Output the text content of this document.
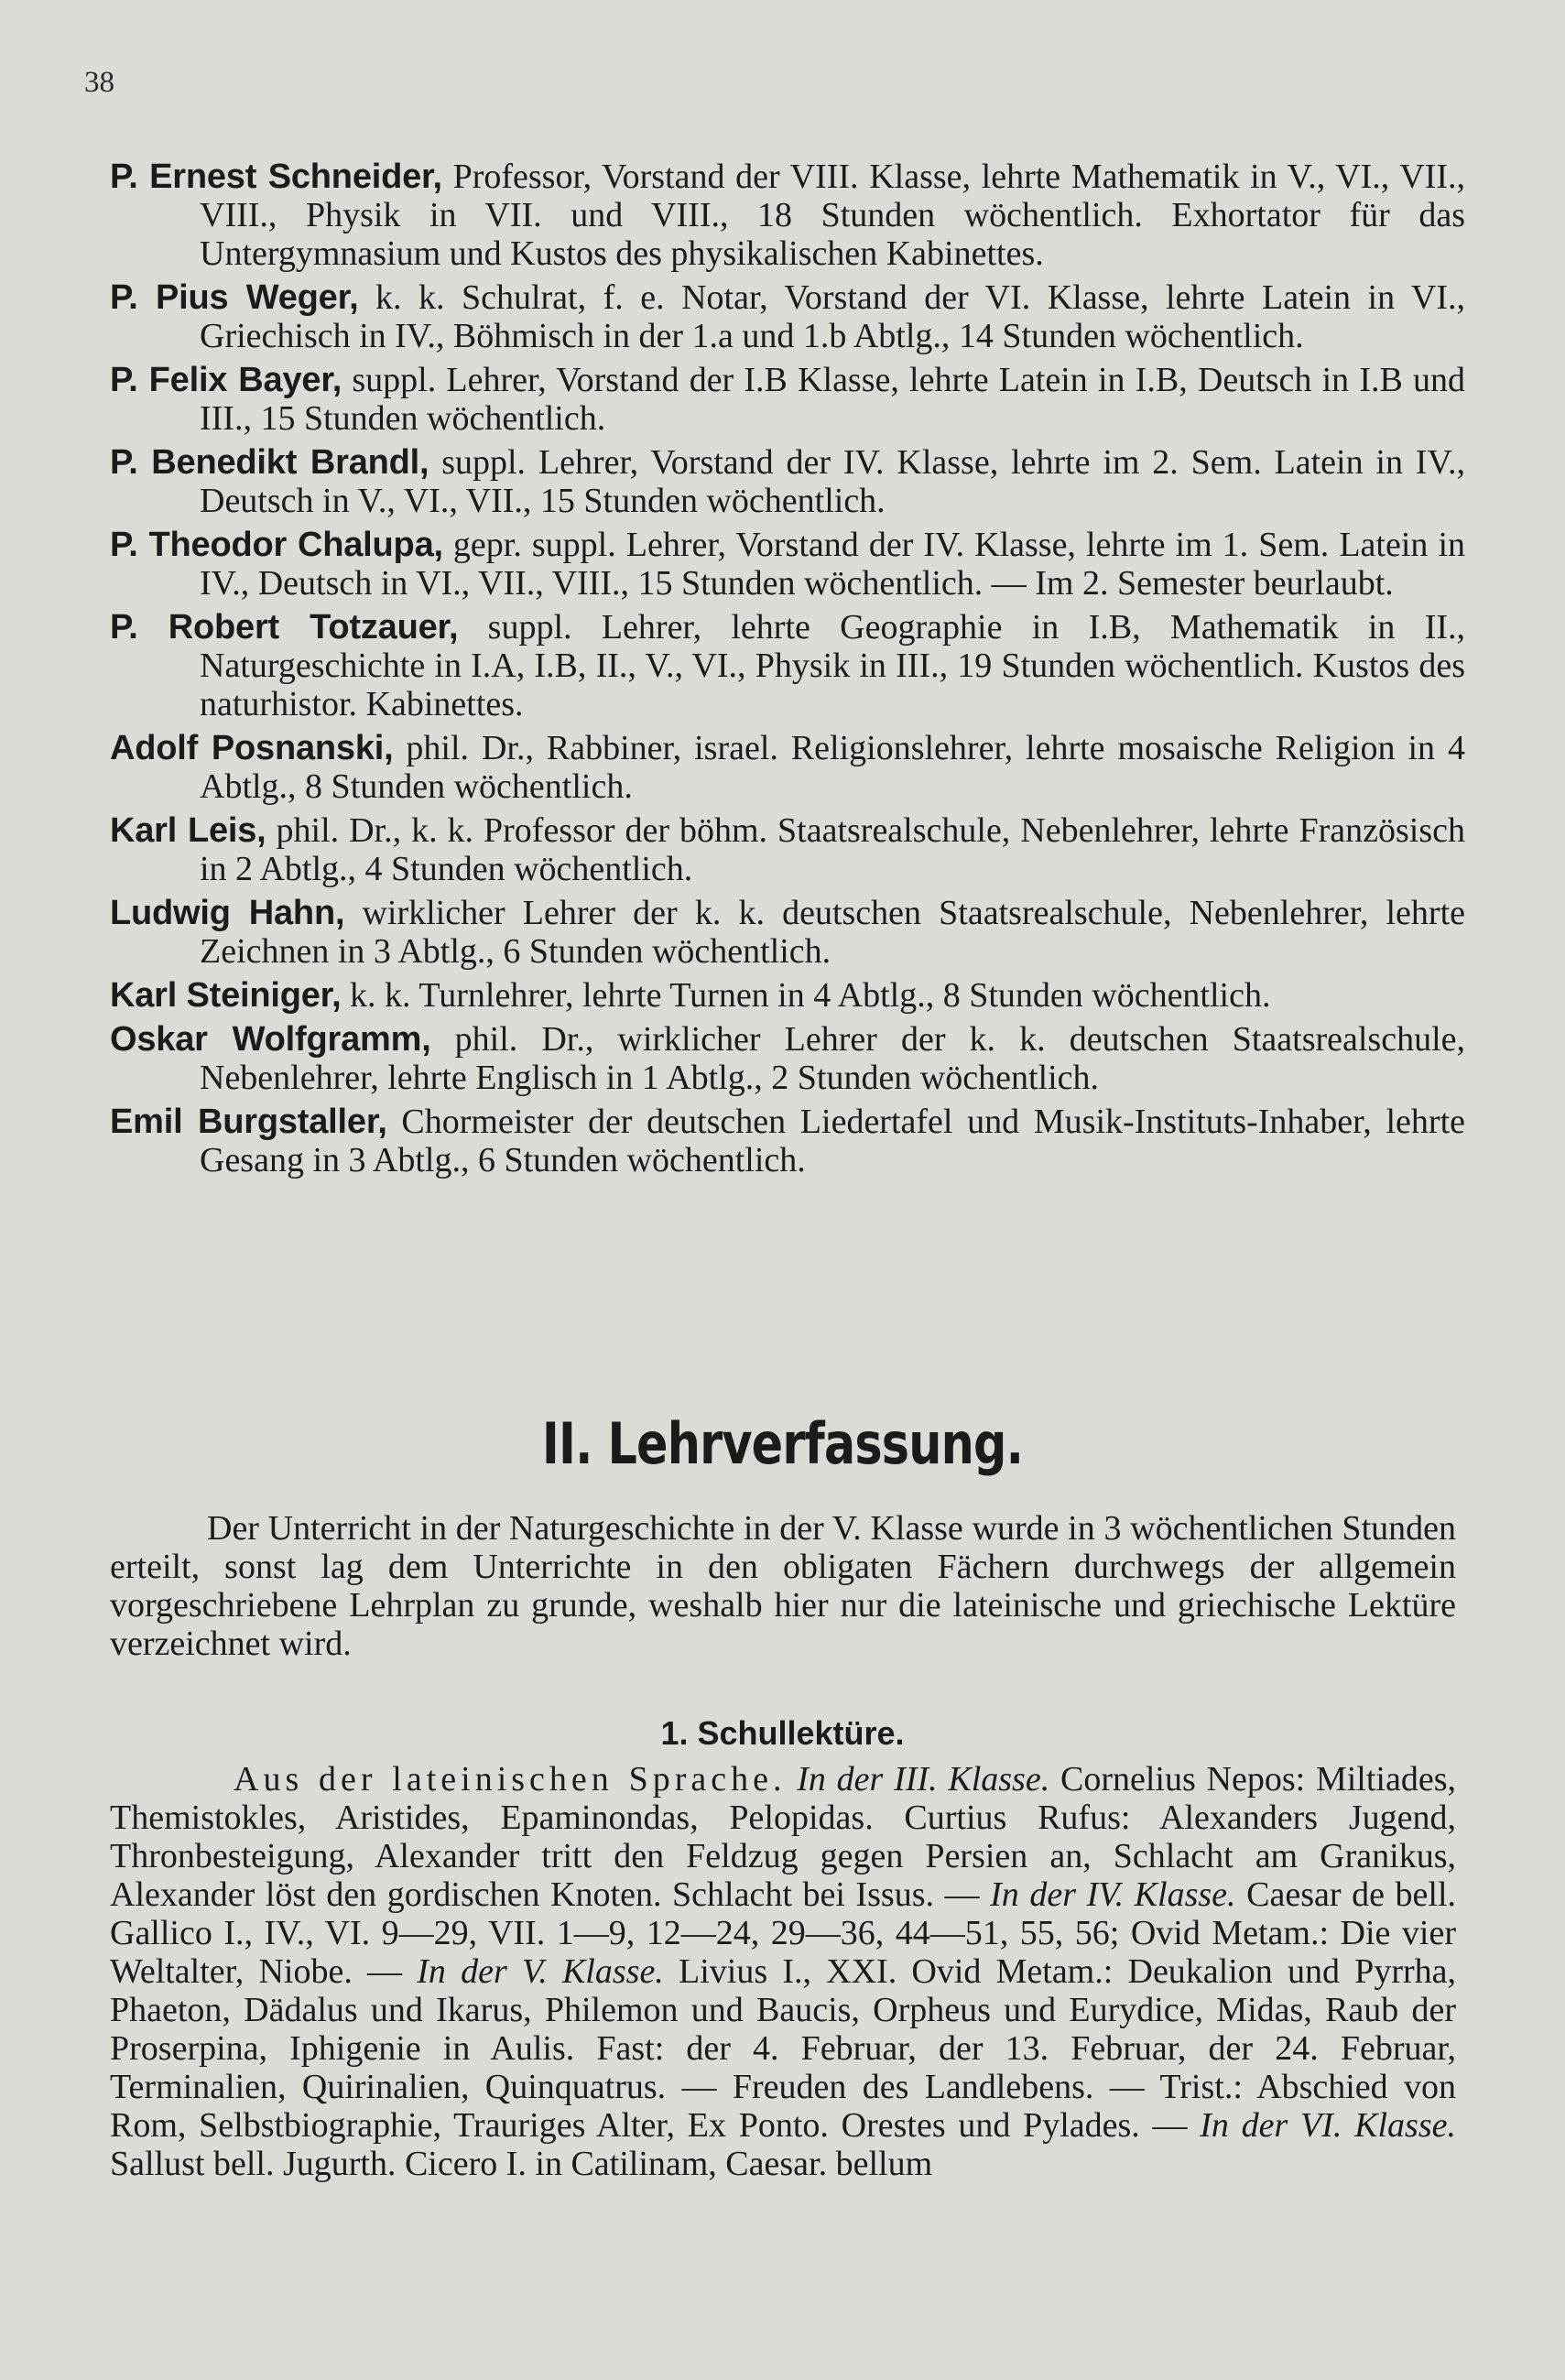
38

P. Ernest Schneider, Professor, Vorstand der VIII. Klasse, lehrte Mathematik in V., VI., VII., VIII., Physik in VII. und VIII., 18 Stunden wöchentlich. Exhortator für das Untergymnasium und Kustos des physikalischen Kabinettes.

P. Pius Weger, k. k. Schulrat, f. e. Notar, Vorstand der VI. Klasse, lehrte Latein in VI., Griechisch in IV., Böhmisch in der 1.a und 1.b Abtlg., 14 Stunden wöchentlich.

P. Felix Bayer, suppl. Lehrer, Vorstand der I.B Klasse, lehrte Latein in I.B, Deutsch in I.B und III., 15 Stunden wöchentlich.

P. Benedikt Brandl, suppl. Lehrer, Vorstand der IV. Klasse, lehrte im 2. Sem. Latein in IV., Deutsch in V., VI., VII., 15 Stunden wöchentlich.

P. Theodor Chalupa, gepr. suppl. Lehrer, Vorstand der IV. Klasse, lehrte im 1. Sem. Latein in IV., Deutsch in VI., VII., VIII., 15 Stunden wöchentlich. — Im 2. Semester beurlaubt.

P. Robert Totzauer, suppl. Lehrer, lehrte Geographie in I.B, Mathematik in II., Naturgeschichte in I.A, I.B, II., V., VI., Physik in III., 19 Stunden wöchentlich. Kustos des naturhistor. Kabinettes.

Adolf Posnanski, phil. Dr., Rabbiner, israel. Religionslehrer, lehrte mosaische Religion in 4 Abtlg., 8 Stunden wöchentlich.

Karl Leis, phil. Dr., k. k. Professor der böhm. Staatsrealschule, Nebenlehrer, lehrte Französisch in 2 Abtlg., 4 Stunden wöchentlich.

Ludwig Hahn, wirklicher Lehrer der k. k. deutschen Staatsrealschule, Nebenlehrer, lehrte Zeichnen in 3 Abtlg., 6 Stunden wöchentlich.

Karl Steiniger, k. k. Turnlehrer, lehrte Turnen in 4 Abtlg., 8 Stunden wöchentlich.

Oskar Wolfgramm, phil. Dr., wirklicher Lehrer der k. k. deutschen Staatsrealschule, Nebenlehrer, lehrte Englisch in 1 Abtlg., 2 Stunden wöchentlich.

Emil Burgstaller, Chormeister der deutschen Liedertafel und Musik-Instituts-Inhaber, lehrte Gesang in 3 Abtlg., 6 Stunden wöchentlich.

II. Lehrverfassung.

Der Unterricht in der Naturgeschichte in der V. Klasse wurde in 3 wöchentlichen Stunden erteilt, sonst lag dem Unterrichte in den obligaten Fächern durchwegs der allgemein vorgeschriebene Lehrplan zu grunde, weshalb hier nur die lateinische und griechische Lektüre verzeichnet wird.

1. Schullektüre.

Aus der lateinischen Sprache. In der III. Klasse. Cornelius Nepos: Miltiades, Themistokles, Aristides, Epaminondas, Pelopidas. Curtius Rufus: Alexanders Jugend, Thronbesteigung, Alexander tritt den Feldzug gegen Persien an, Schlacht am Granikus, Alexander löst den gordischen Knoten. Schlacht bei Issus. — In der IV. Klasse. Caesar de bell. Gallico I., IV., VI. 9—29, VII. 1—9, 12—24, 29—36, 44—51, 55, 56; Ovid Metam.: Die vier Weltalter, Niobe. — In der V. Klasse. Livius I., XXI. Ovid Metam.: Deukalion und Pyrrha, Phaeton, Dädalus und Ikarus, Philemon und Baucis, Orpheus und Eurydice, Midas, Raub der Proserpina, Iphigenie in Aulis. Fast: der 4. Februar, der 13. Februar, der 24. Februar, Terminalien, Quirinalien, Quinquatrus. — Freuden des Landlebens. — Trist.: Abschied von Rom, Selbstbiographie, Trauriges Alter, Ex Ponto. Orestes und Pylades. — In der VI. Klasse. Sallust bell. Jugurth. Cicero I. in Catilinam, Caesar. bellum
